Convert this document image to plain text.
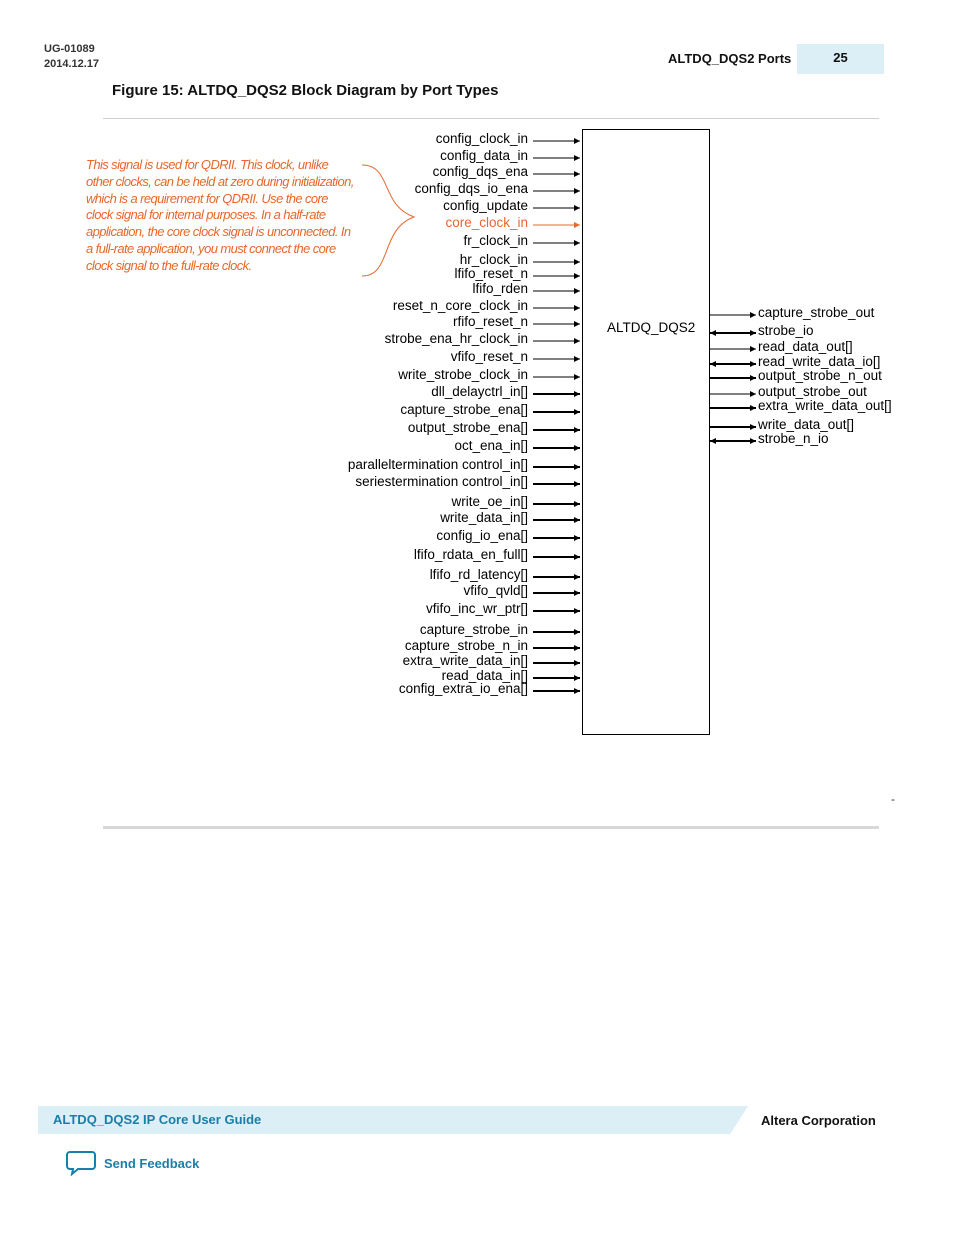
UG-01089
2014.12.17	ALTDQ_DQS2 Ports	25
Figure 15: ALTDQ_DQS2 Block Diagram by Port Types
This signal is used for QDRII. This clock, unlike
other clocks, can be held at zero during initialization,
which is a requirement for QDRII. Use the core
clock signal for internal purposes. In a half-rate
application, the core clock signal is unconnected. In
a full-rate application, you must connect the core
clock signal to the full-rate clock.
ALTDQ_DQS2
config_clock_in
config_data_in
config_dqs_ena
config_dqs_io_ena
config_update
core_clock_in
fr_clock_in
hr_clock_in
lfifo_reset_n
lfifo_rden
reset_n_core_clock_in
rfifo_reset_n
strobe_ena_hr_clock_in
vfifo_reset_n
write_strobe_clock_in
dll_delayctrl_in[]
capture_strobe_ena[]
output_strobe_ena[]
oct_ena_in[]
paralleltermination control_in[]
seriestermination control_in[]
write_oe_in[]
write_data_in[]
config_io_ena[]
lfifo_rdata_en_full[]
lfifo_rd_latency[]
vfifo_qvld[]
vfifo_inc_wr_ptr[]
capture_strobe_in
capture_strobe_n_in
extra_write_data_in[]
read_data_in[]
config_extra_io_ena[]
capture_strobe_out
strobe_io
read_data_out[]
read_write_data_io[]
output_strobe_n_out
output_strobe_out
extra_write_data_out[]
write_data_out[]
strobe_n_io
-
ALTDQ_DQS2 IP Core User Guide	Altera Corporation
Send Feedback
